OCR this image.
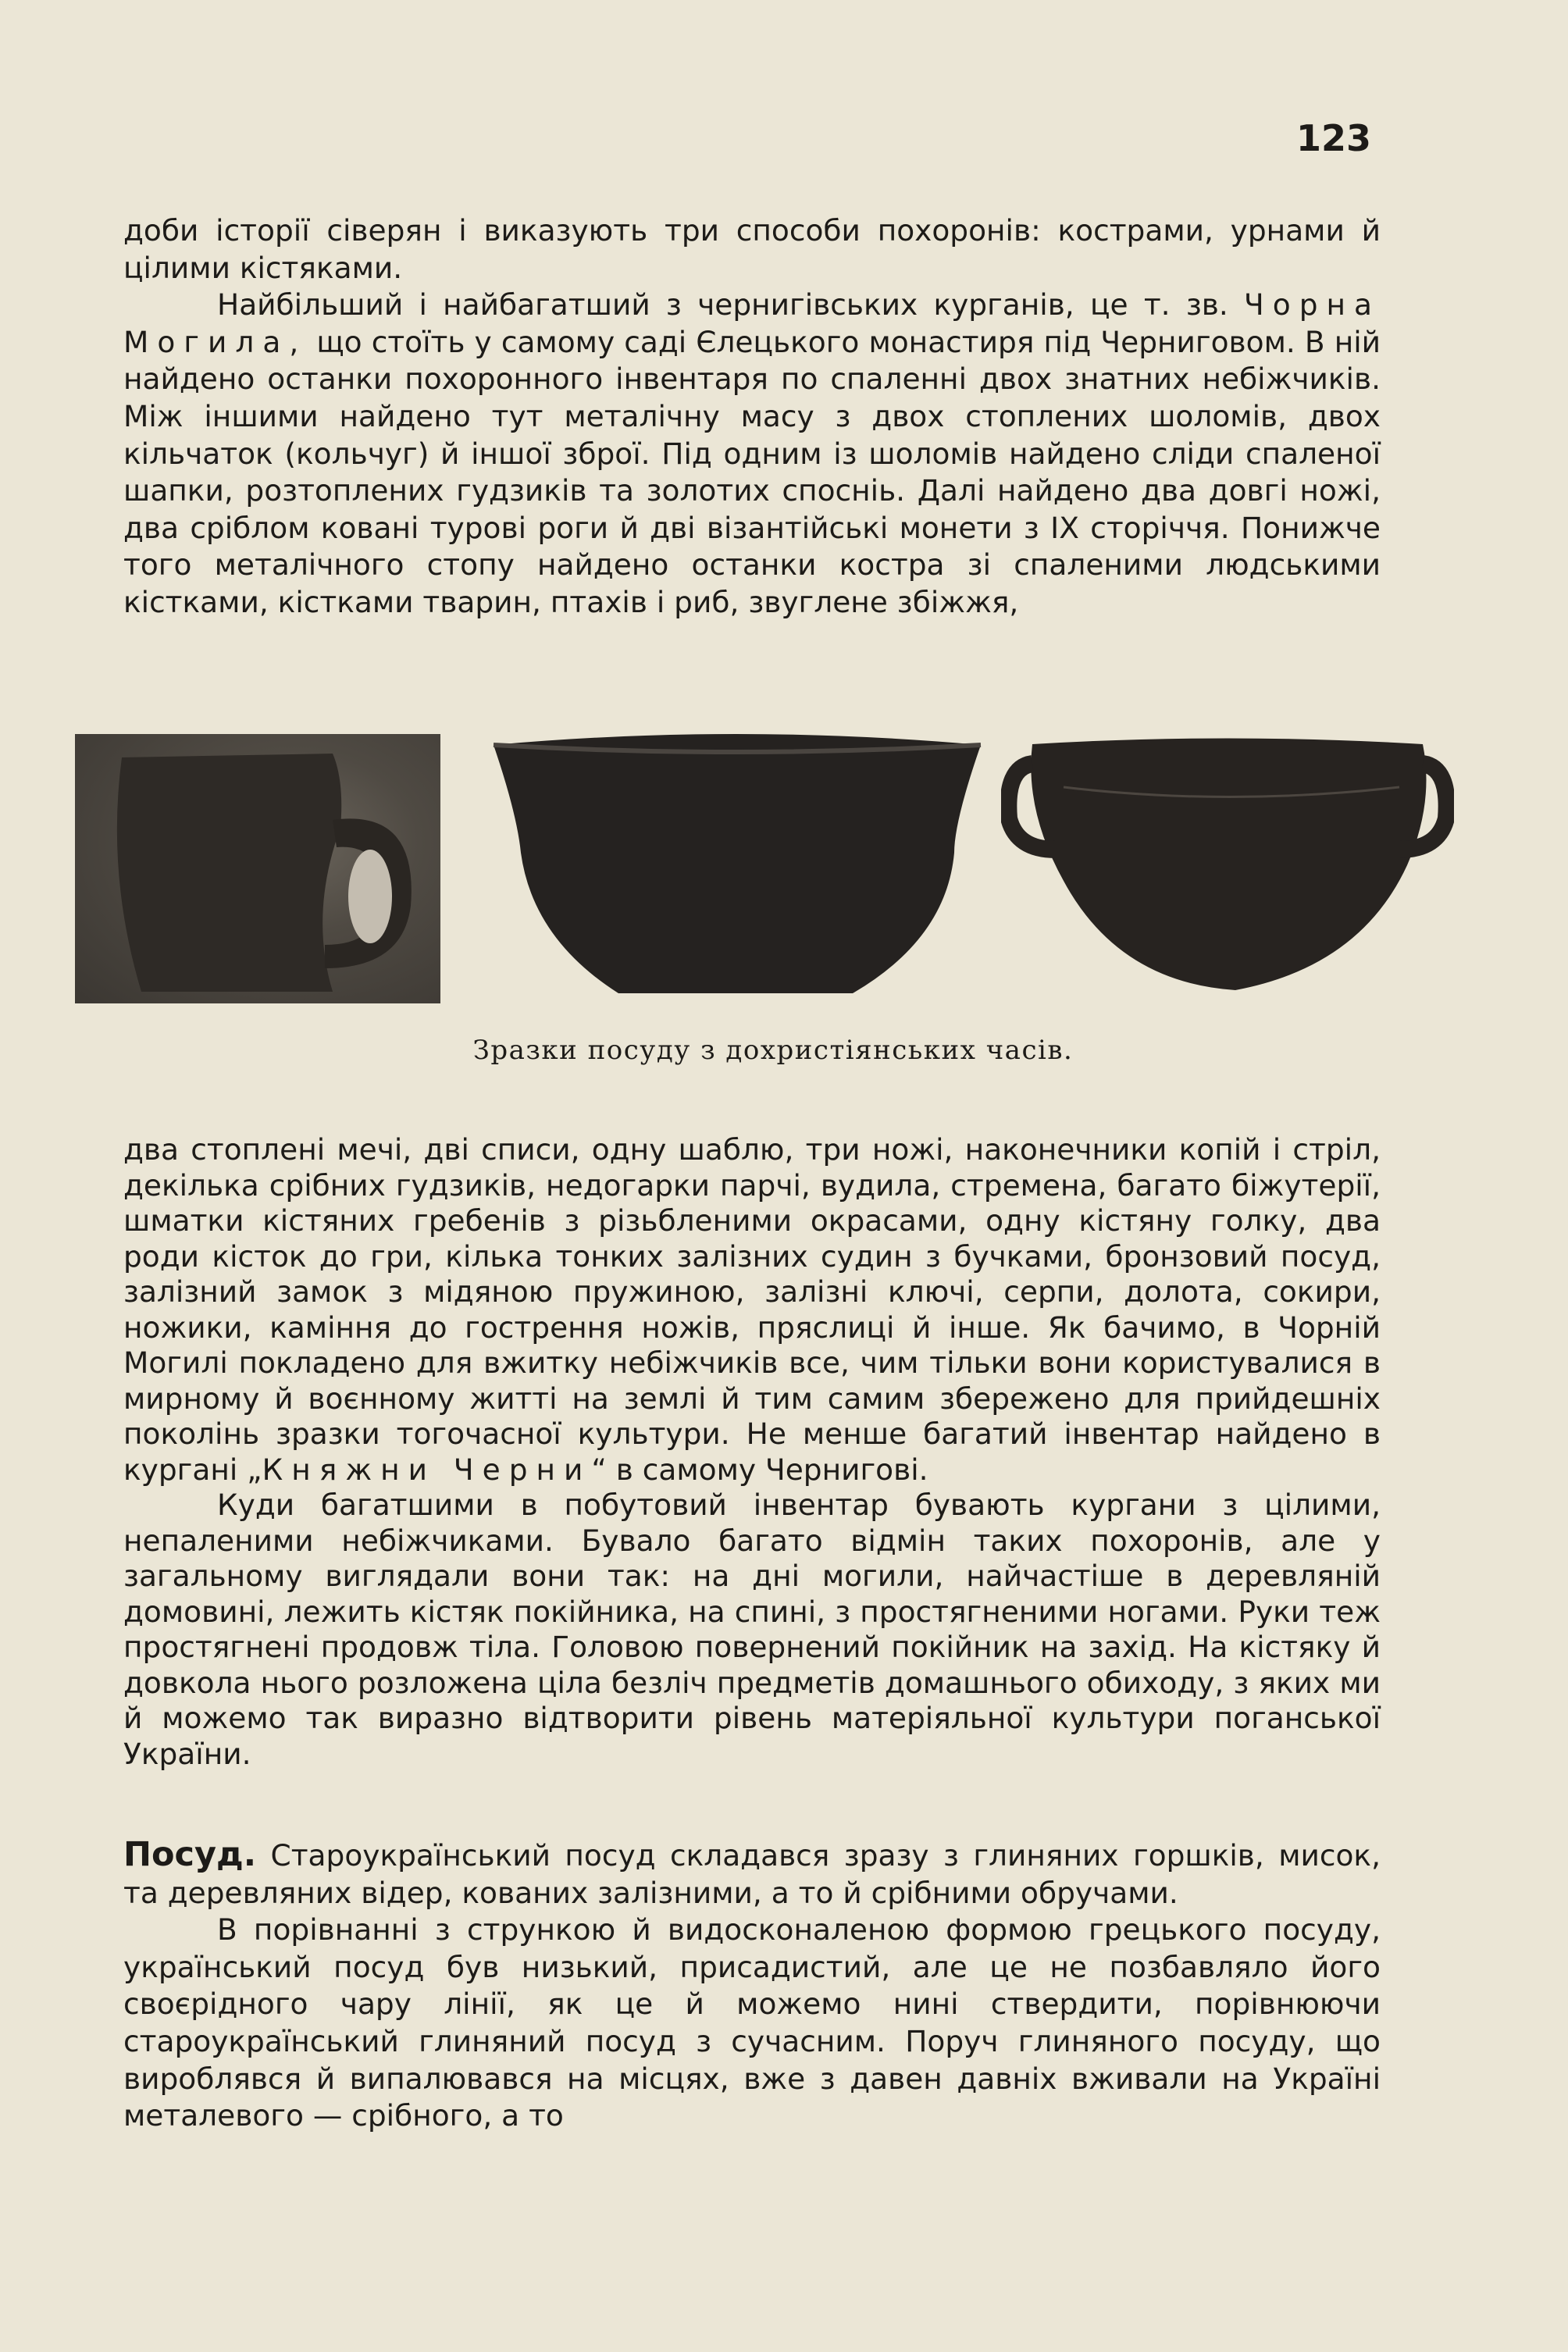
123

доби історії сіверян і виказують три способи похоронів: кострами, урнами й цілими кістяками.

Найбільший і найбагатший з чернигівських курганів, це т. зв. Чорна Могила, що стоїть у самому саді Єлецького монастиря під Черниговом. В ній найдено останки похоронного інвентаря по спаленні двох знатних небіжчиків. Між іншими найдено тут металічну масу з двох стоплених шоломів, двох кільчаток (кольчуг) й іншої зброї. Під одним із шоломів найдено сліди спаленої шапки, розтоплених гудзиків та золотих спосніь. Далі найдено два довгі ножі, два сріблом ковані турові роги й дві візантійські монети з IX сторіччя. Понижче того металічного стопу найдено останки костра зі спаленими людськими кістками, кістками тварин, птахів і риб, звуглене збіжжя,

Зразки посуду з дохристіянських часів.

два стоплені мечі, дві списи, одну шаблю, три ножі, наконечники копій і стріл, декілька срібних гудзиків, недогарки парчі, вудила, стремена, багато біжутерії, шматки кістяних гребенів з різьбленими окрасами, одну кістяну голку, два роди кісток до гри, кілька тонких залізних судин з бучками, бронзовий посуд, залізний замок з мідяною пружиною, залізні ключі, серпи, долота, сокири, ножики, каміння до гострення ножів, пряслиці й інше. Як бачимо, в Чорній Могилі покладено для вжитку небіжчиків все, чим тільки вони користувалися в мирному й воєнному житті на землі й тим самим збережено для прийдешніх поколінь зразки тогочасної культури. Не менше багатий інвентар найдено в кургані „Княжни Черни“ в самому Чернигові.

Куди багатшими в побутовий інвентар бувають кургани з цілими, непаленими небіжчиками. Бувало багато відмін таких похоронів, але у загальному виглядали вони так: на дні могили, найчастіше в деревляній домовині, лежить кістяк покійника, на спині, з простягненими ногами. Руки теж простягнені продовж тіла. Головою повернений покійник на захід. На кістяку й довкола нього розложена ціла безліч предметів домашнього обиходу, з яких ми й можемо так виразно відтворити рівень матеріяльної культури поганської України.

Посуд. Староукраїнський посуд складався зразу з глиняних горшків, мисок, та деревляних відер, кованих залізними, а то й срібними обручами.

В порівнанні з стрункою й видосконаленою формою грецького посуду, український посуд був низький, присадистий, але це не позбавляло його своєрідного чару лінії, як це й можемо нині ствердити, порівнюючи староукраїнський глиняний посуд з сучасним. Поруч глиняного посуду, що вироблявся й випалювався на місцях, вже з давен давніх вживали на Україні металевого — срібного, а то
